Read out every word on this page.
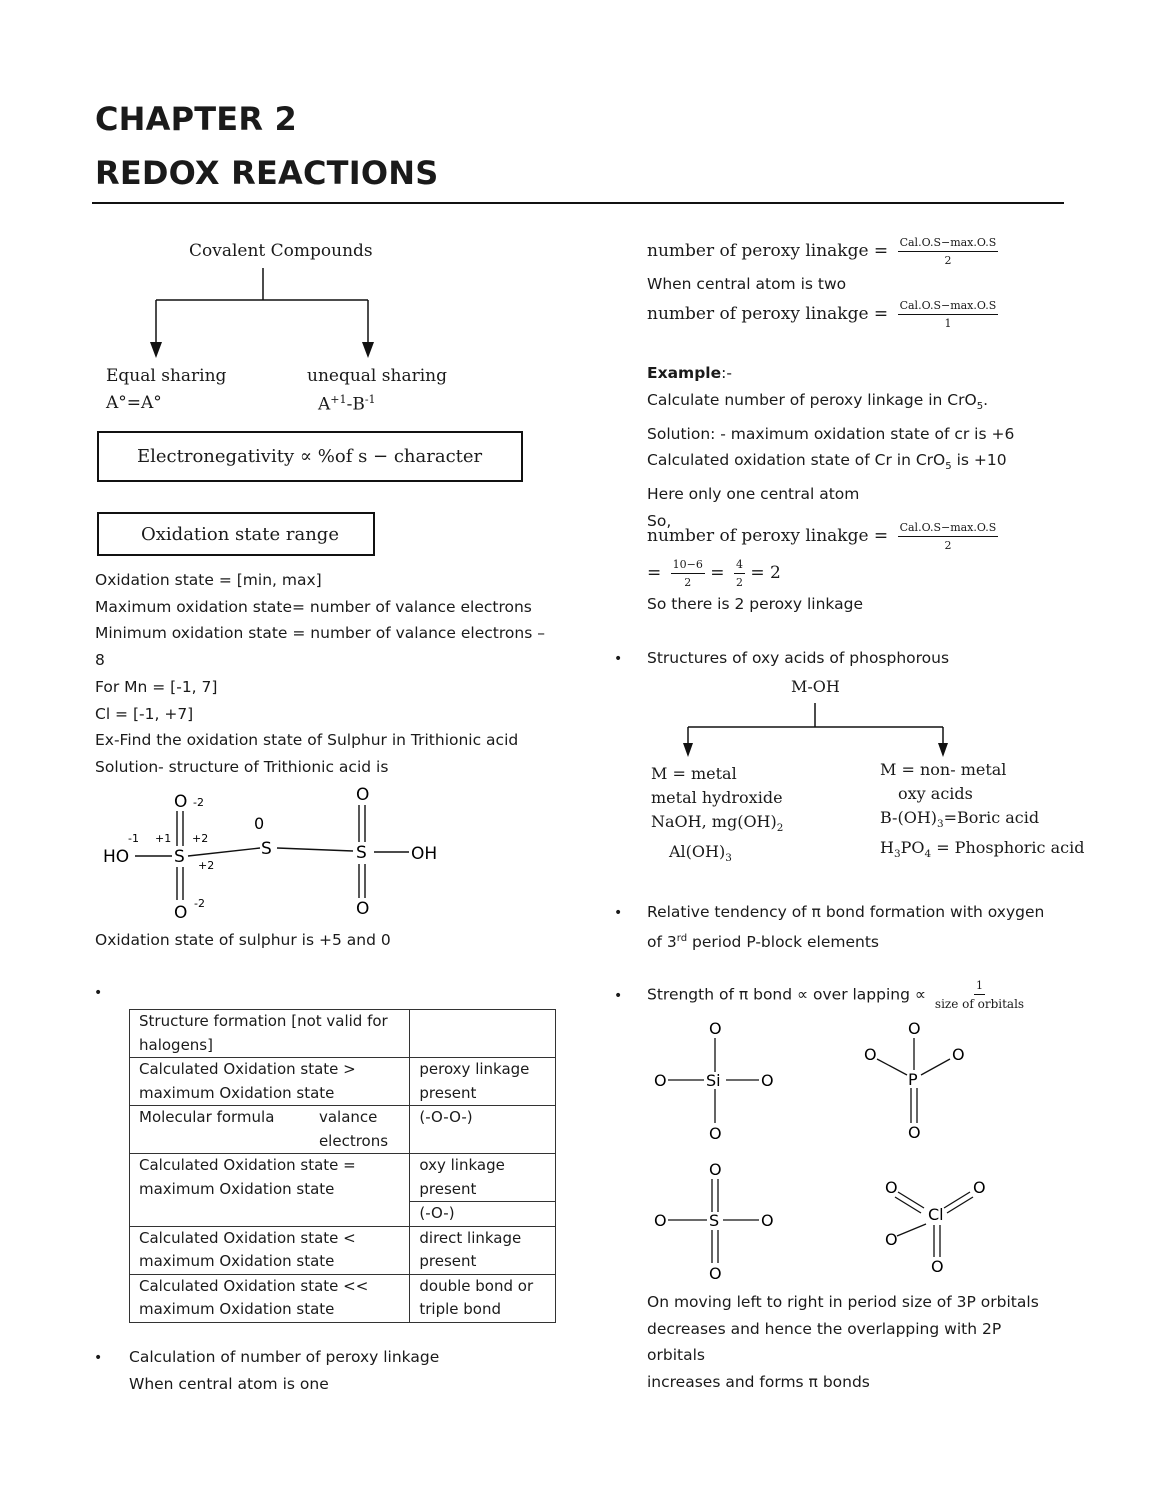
CHAPTER 2
REDOX REACTIONS
Covalent Compounds
Equal sharing
A°=A°
unequal sharing
$A^{+1}-B^{-1}$
Electronegativity ∝ %of s − character
Oxidation state range
Oxidation state = [min, max]
Maximum oxidation state= number of valance electrons
Minimum oxidation state = number of valance electrons –
8
For Mn = [-1, 7]
Cl = [-1, +7]
Ex-Find the oxidation state of Sulphur in Trithionic acid
Solution- structure of Trithionic acid is
O -2
-1 +1 +2
HO	S +2
O -2
0
S
O
S
O
OH
Oxidation state of sulphur is +5 and 0
•
Structure formation [not valid for halogens]		
Calculated Oxidation state > maximum Oxidation state		peroxy linkage present
Molecular formula	valance electrons	(-O-O-)
Calculated Oxidation state = maximum Oxidation state		oxy linkage present
		(-O-)
Calculated Oxidation state < maximum Oxidation state		direct linkage present
Calculated Oxidation state << maximum Oxidation state		double bond or triple bond
• Calculation of number of peroxy linkage
When central atom is one
number of peroxy linakge = $\frac{\text{Cal.O.S−max.O.S}}{2}$
When central atom is two
number of peroxy linakge = $\frac{\text{Cal.O.S−max.O.S}}{1}$
Example:-
Calculate number of peroxy linkage in CrO$_5$.
Solution: - maximum oxidation state of cr is +6
Calculated oxidation state of Cr in CrO$_5$ is +10
Here only one central atom
So,
number of peroxy linakge = $\frac{\text{Cal.O.S−max.O.S}}{2}$
= $\frac{10-6}{2} = \frac{4}{2} = 2$
So there is 2 peroxy linkage
• Structures of oxy acids of phosphorous
M-OH
M = metal
metal hydroxide
NaOH, $mg(OH)_2$
$Al(OH)_3$
M = non- metal
oxy acids
$B-(OH)_3=Boric$ acid
$H_3PO_4$ = Phosphoric acid
• Relative tendency of π bond formation with oxygen
of 3rd period P-block elements
• Strength of π bond ∝ over lapping ∝ $\frac{1}{\text{size of orbitals}}$
O
O Si	O
O
O
O	O
P
O
O
O	S	O
O
O	O
Cl
O
O
On moving left to right in period size of 3P orbitals
decreases and hence the overlapping with 2P orbitals
increases and forms π bonds
